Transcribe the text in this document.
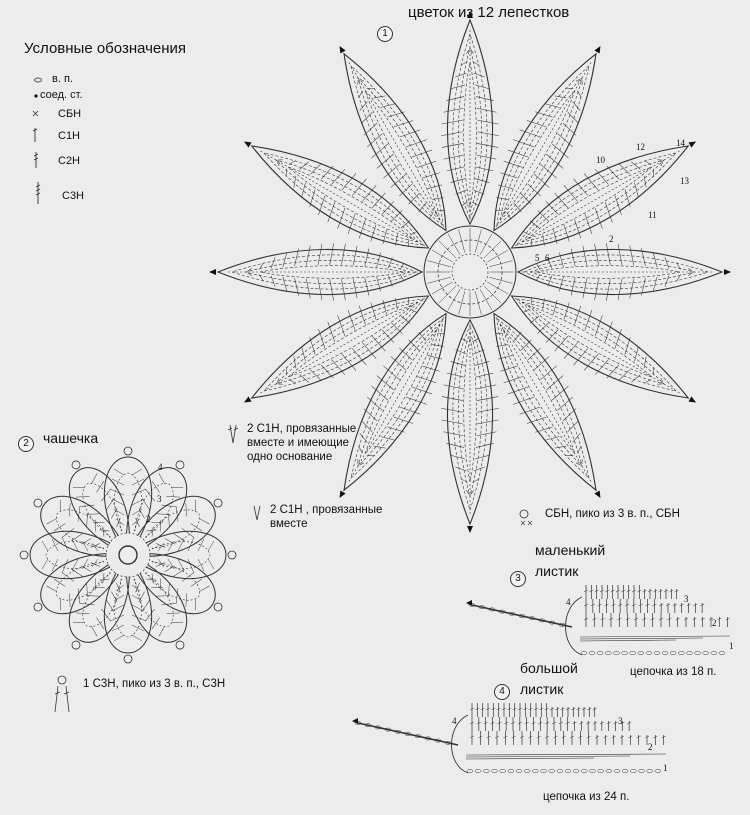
Условные обозначения
в. п.
соед. ст.
СБН
С1Н
С2Н
С3Н
1
цветок из 12 лепестков
10
12	14
13
11
2
5 6
2 С1Н, провязанные вместе и имеющие одно основание
2 С1Н , провязанные вместе
СБН, пико из 3 в. п., СБН
1 С3Н, пико из 3 в. п., С3Н
2	чашечка
4
3
2
маленький
листик
3
цепочка из 18 п.
4	3
2
1
большой
листик
4
цепочка из 24 п.
4	3
2
1
